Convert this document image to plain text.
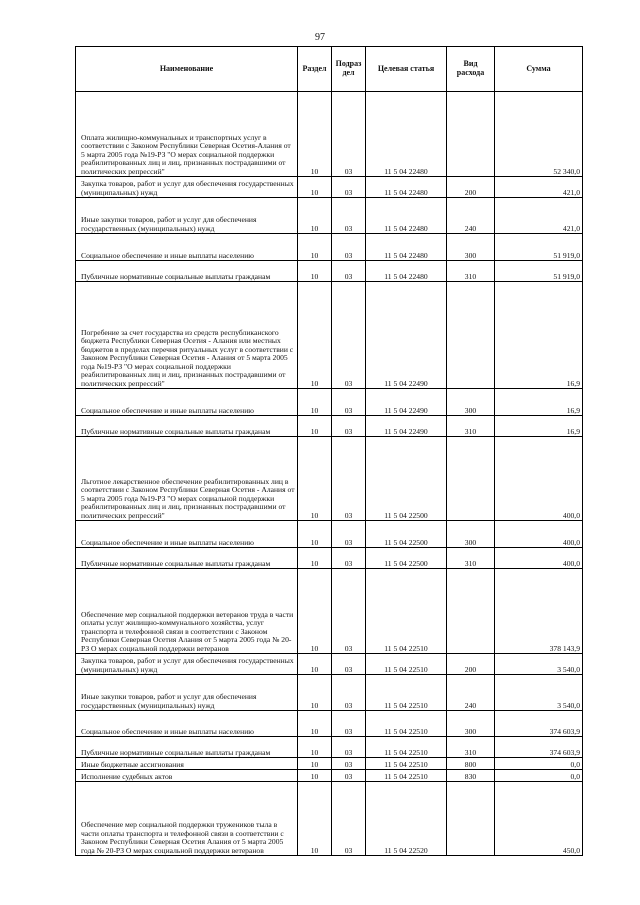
97
Наименование	Раздел	Подраз дел	Целевая статья	Вид расхода	Сумма
Оплата жилищно-коммунальных и транспортных услуг в соответствии с Законом Республики Северная Осетия-Алания от 5 марта 2005 года №19-РЗ "О мерах социальной поддержки реабилитированных лиц и лиц, признанных пострадавшими от политических репрессий"	10	03	11 5 04 22480		52 340,0
Закупка товаров, работ и услуг для обеспечения государственных (муниципальных) нужд	10	03	11 5 04 22480	200	421,0
Иные закупки товаров, работ и услуг для обеспечения государственных (муниципальных) нужд	10	03	11 5 04 22480	240	421,0
Социальное обеспечение и иные выплаты населению	10	03	11 5 04 22480	300	51 919,0
Публичные нормативные социальные выплаты гражданам	10	03	11 5 04 22480	310	51 919,0
Погребение за счет государства из средств республиканского бюджета Республики Северная Осетия - Алания или местных бюджетов в пределах перечня ритуальных услуг в соответствии с Законом Республики Северная Осетия - Алания от 5 марта 2005 года №19-РЗ "О мерах социальной поддержки реабилитированных лиц и лиц, признанных пострадавшими от политических репрессий"	10	03	11 5 04 22490		16,9
Социальное обеспечение и иные выплаты населению	10	03	11 5 04 22490	300	16,9
Публичные нормативные социальные выплаты гражданам	10	03	11 5 04 22490	310	16,9
Льготное лекарственное обеспечение реабилитированных лиц в соответствии с Законом Республики Северная Осетия - Алания от 5 марта 2005 года №19-РЗ "О мерах социальной поддержки реабилитированных лиц и лиц, признанных пострадавшими от политических репрессий"	10	03	11 5 04 22500		400,0
Социальное обеспечение и иные выплаты населению	10	03	11 5 04 22500	300	400,0
Публичные нормативные социальные выплаты гражданам	10	03	11 5 04 22500	310	400,0
Обеспечение мер социальной поддержки ветеранов труда в части оплаты услуг жилищно-коммунального хозяйства, услуг транспорта и телефонной связи в соответствии с Законом Республики Северная Осетия Алания от 5 марта 2005 года № 20- РЗ О мерах социальной поддержки ветеранов	10	03	11 5 04 22510		378 143,9
Закупка товаров, работ и услуг для обеспечения государственных (муниципальных) нужд	10	03	11 5 04 22510	200	3 540,0
Иные закупки товаров, работ и услуг для обеспечения государственных (муниципальных) нужд	10	03	11 5 04 22510	240	3 540,0
Социальное обеспечение и иные выплаты населению	10	03	11 5 04 22510	300	374 603,9
Публичные нормативные социальные выплаты гражданам	10	03	11 5 04 22510	310	374 603,9
Иные бюджетные ассигнования	10	03	11 5 04 22510	800	0,0
Исполнение судебных актов	10	03	11 5 04 22510	830	0,0
Обеспечение мер социальной поддержки тружеников тыла в части оплаты транспорта и телефонной связи в соответствии с Законом Республики Северная Осетия Алания от 5 марта 2005 года № 20-РЗ О мерах социальной поддержки ветеранов	10	03	11 5 04 22520		450,0
